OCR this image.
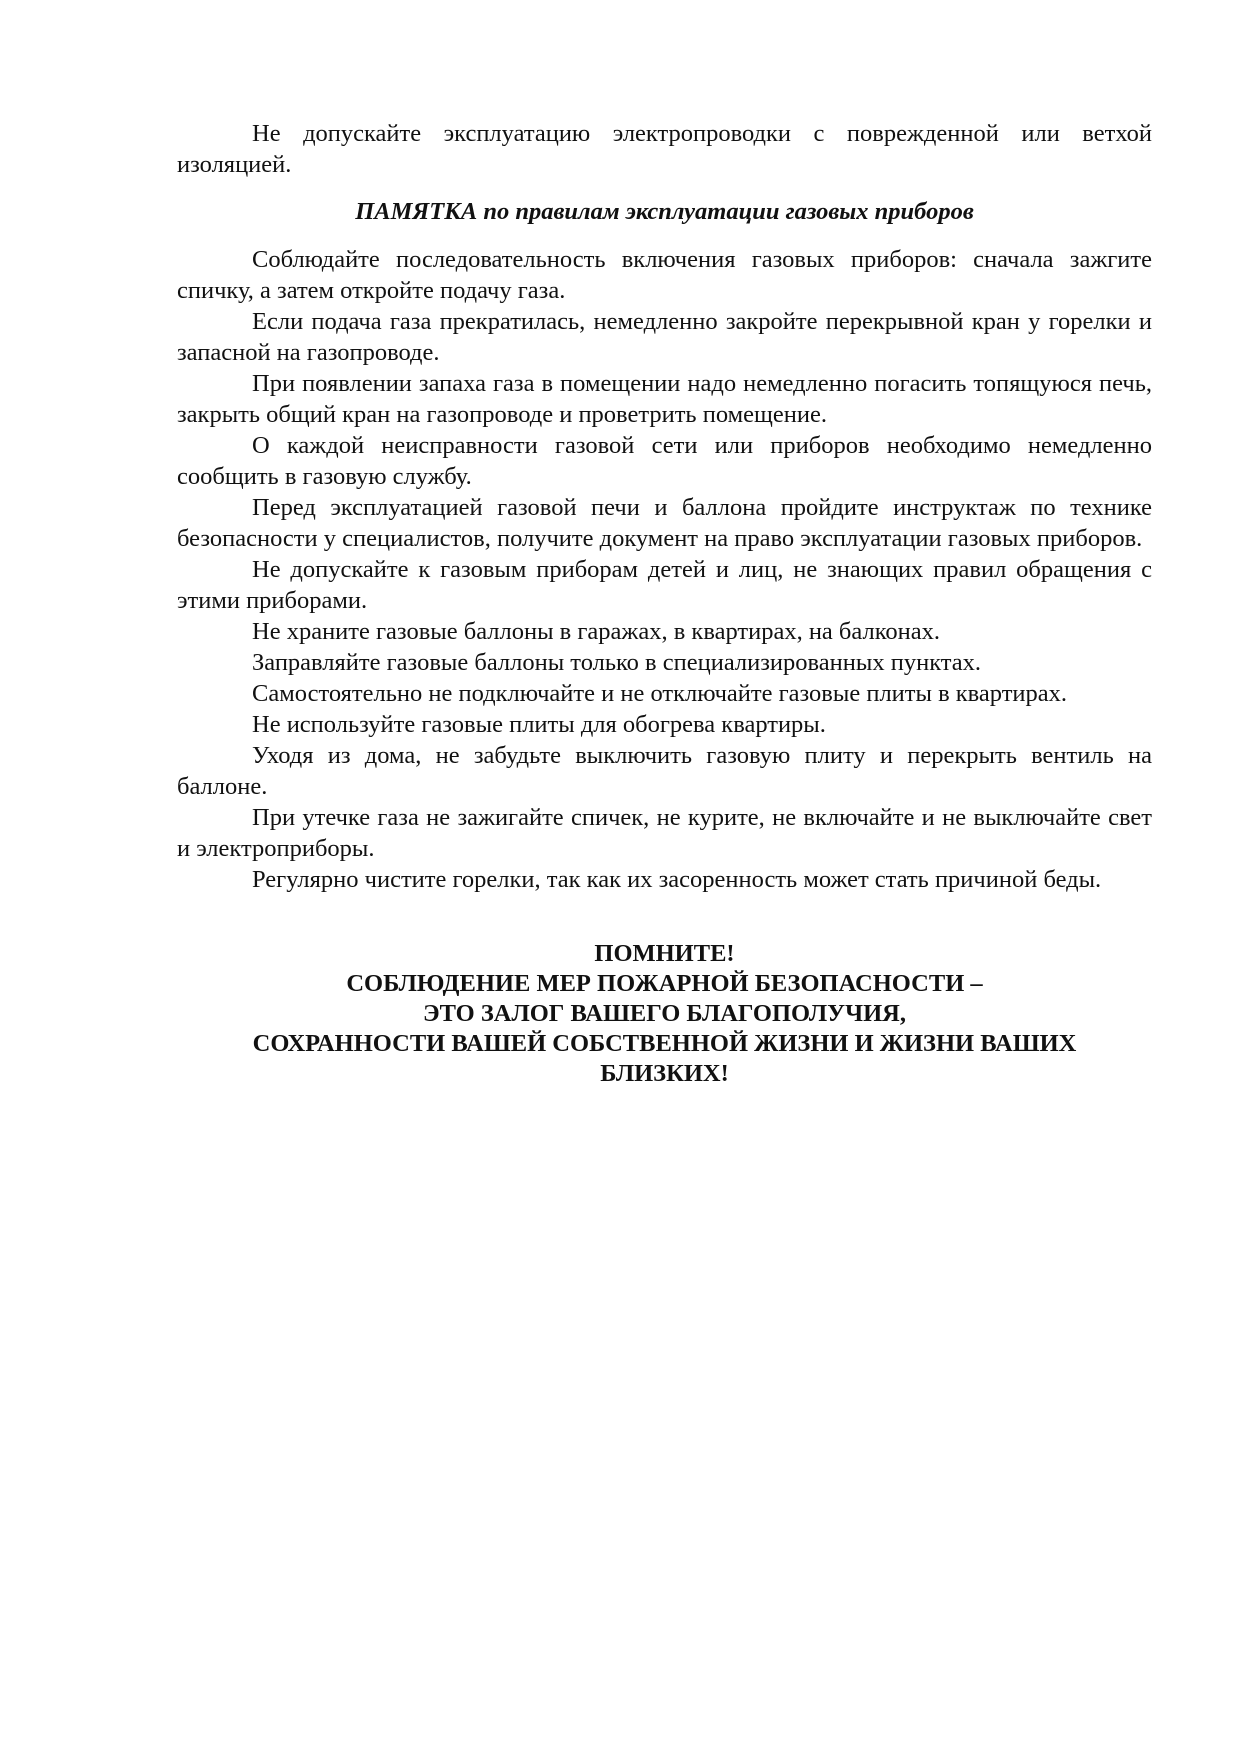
Не допускайте эксплуатацию электропроводки с поврежденной или ветхой изоляцией.

ПАМЯТКА по правилам эксплуатации газовых приборов

Соблюдайте последовательность включения газовых приборов: сначала зажгите спичку, а затем откройте подачу газа.

Если подача газа прекратилась, немедленно закройте перекрывной кран у горелки и запасной на газопроводе.

При появлении запаха газа в помещении надо немедленно погасить топящуюся печь, закрыть общий кран на газопроводе и проветрить помещение.

О каждой неисправности газовой сети или приборов необходимо немедленно сообщить в газовую службу.

Перед эксплуатацией газовой печи и баллона пройдите инструктаж по технике безопасности у специалистов, получите документ на право эксплуатации газовых приборов.

Не допускайте к газовым приборам детей и лиц, не знающих правил обращения с этими приборами.

Не храните газовые баллоны в гаражах, в квартирах, на балконах.

Заправляйте газовые баллоны только в специализированных пунктах.

Самостоятельно не подключайте и не отключайте газовые плиты в квартирах.

Не используйте газовые плиты для обогрева квартиры.

Уходя из дома, не забудьте выключить газовую плиту и перекрыть вентиль на баллоне.

При утечке газа не зажигайте спичек, не курите, не включайте и не выключайте свет и электроприборы.

Регулярно чистите горелки, так как их засоренность может стать причиной беды.

ПОМНИТЕ!
СОБЛЮДЕНИЕ МЕР ПОЖАРНОЙ БЕЗОПАСНОСТИ –
ЭТО ЗАЛОГ ВАШЕГО БЛАГОПОЛУЧИЯ,
СОХРАННОСТИ ВАШЕЙ СОБСТВЕННОЙ ЖИЗНИ И ЖИЗНИ ВАШИХ
БЛИЗКИХ!
